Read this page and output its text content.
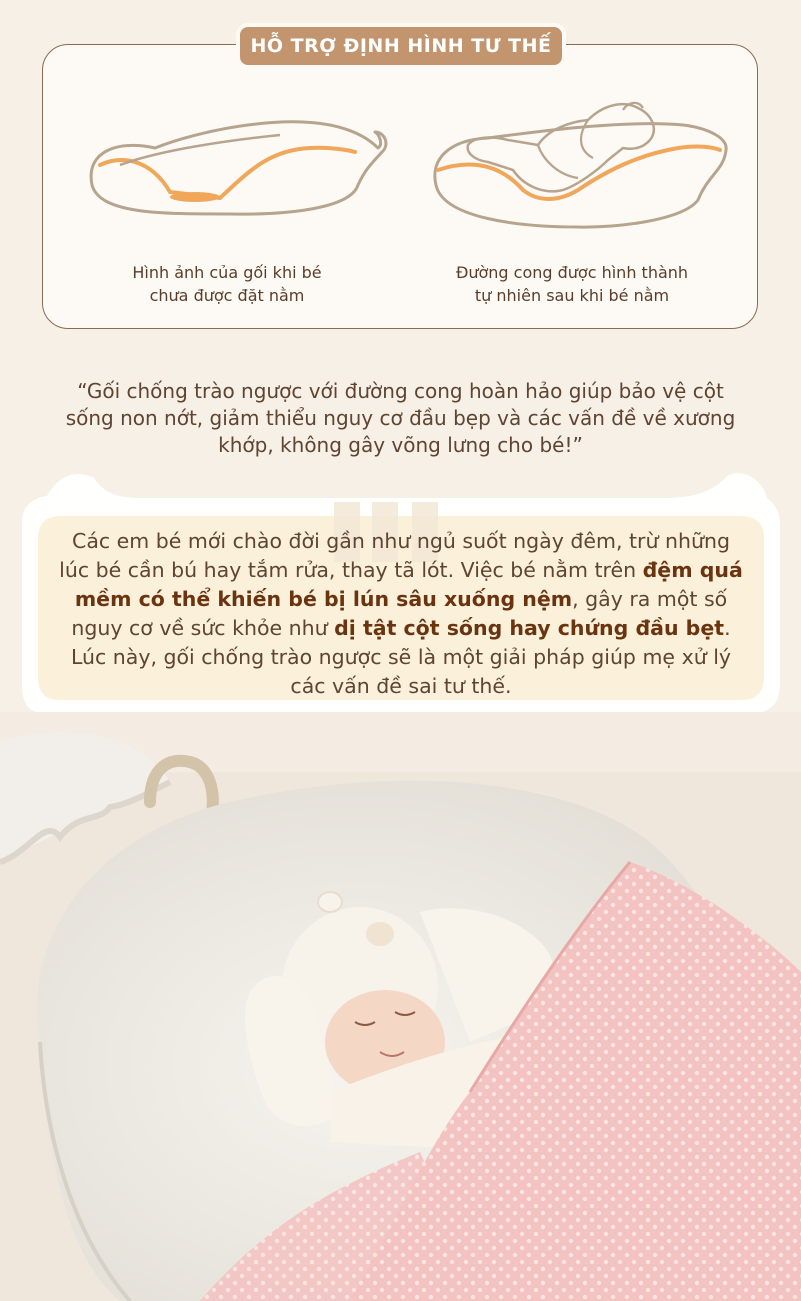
HỖ TRỢ ĐỊNH HÌNH TƯ THẾ
Hình ảnh của gối khi bé
chưa được đặt nằm
Đường cong được hình thành
tự nhiên sau khi bé nằm
“Gối chống trào ngược với đường cong hoàn hảo giúp bảo vệ cột
sống non nớt, giảm thiểu nguy cơ đầu bẹp và các vấn đề về xương
khớp, không gây võng lưng cho bé!”
Các em bé mới chào đời gần như ngủ suốt ngày đêm, trừ những lúc bé cần bú hay tắm rửa, thay tã lót. Việc bé nằm trên đệm quá mềm có thể khiến bé bị lún sâu xuống nệm, gây ra một số nguy cơ về sức khỏe như dị tật cột sống hay chứng đầu bẹt. Lúc này, gối chống trào ngược sẽ là một giải pháp giúp mẹ xử lý các vấn đề sai tư thế.
